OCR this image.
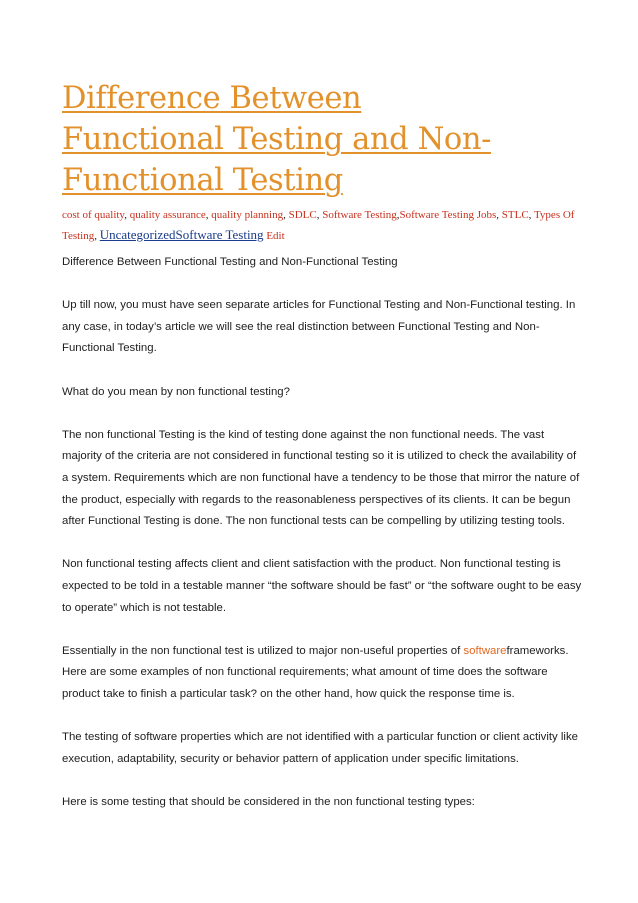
Difference Between
Functional Testing and Non-
Functional Testing
cost of quality, quality assurance, quality planning, SDLC, Software Testing,Software Testing Jobs, STLC, Types Of Testing, UncategorizedSoftware Testing Edit

Difference Between Functional Testing and Non-Functional Testing

Up till now, you must have seen separate articles for Functional Testing and Non-Functional testing. In any case, in today’s article we will see the real distinction between Functional Testing and Non-Functional Testing.

What do you mean by non functional testing?

The non functional Testing is the kind of testing done against the non functional needs. The vast majority of the criteria are not considered in functional testing so it is utilized to check the availability of a system. Requirements which are non functional have a tendency to be those that mirror the nature of the product, especially with regards to the reasonableness perspectives of its clients. It can be begun after Functional Testing is done. The non functional tests can be compelling by utilizing testing tools.

Non functional testing affects client and client satisfaction with the product. Non functional testing is expected to be told in a testable manner “the software should be fast” or “the software ought to be easy to operate” which is not testable.

Essentially in the non functional test is utilized to major non-useful properties of softwareframeworks. Here are some examples of non functional requirements; what amount of time does the software product take to finish a particular task? on the other hand, how quick the response time is.

The testing of software properties which are not identified with a particular function or client activity like execution, adaptability, security or behavior pattern of application under specific limitations.

Here is some testing that should be considered in the non functional testing types:
